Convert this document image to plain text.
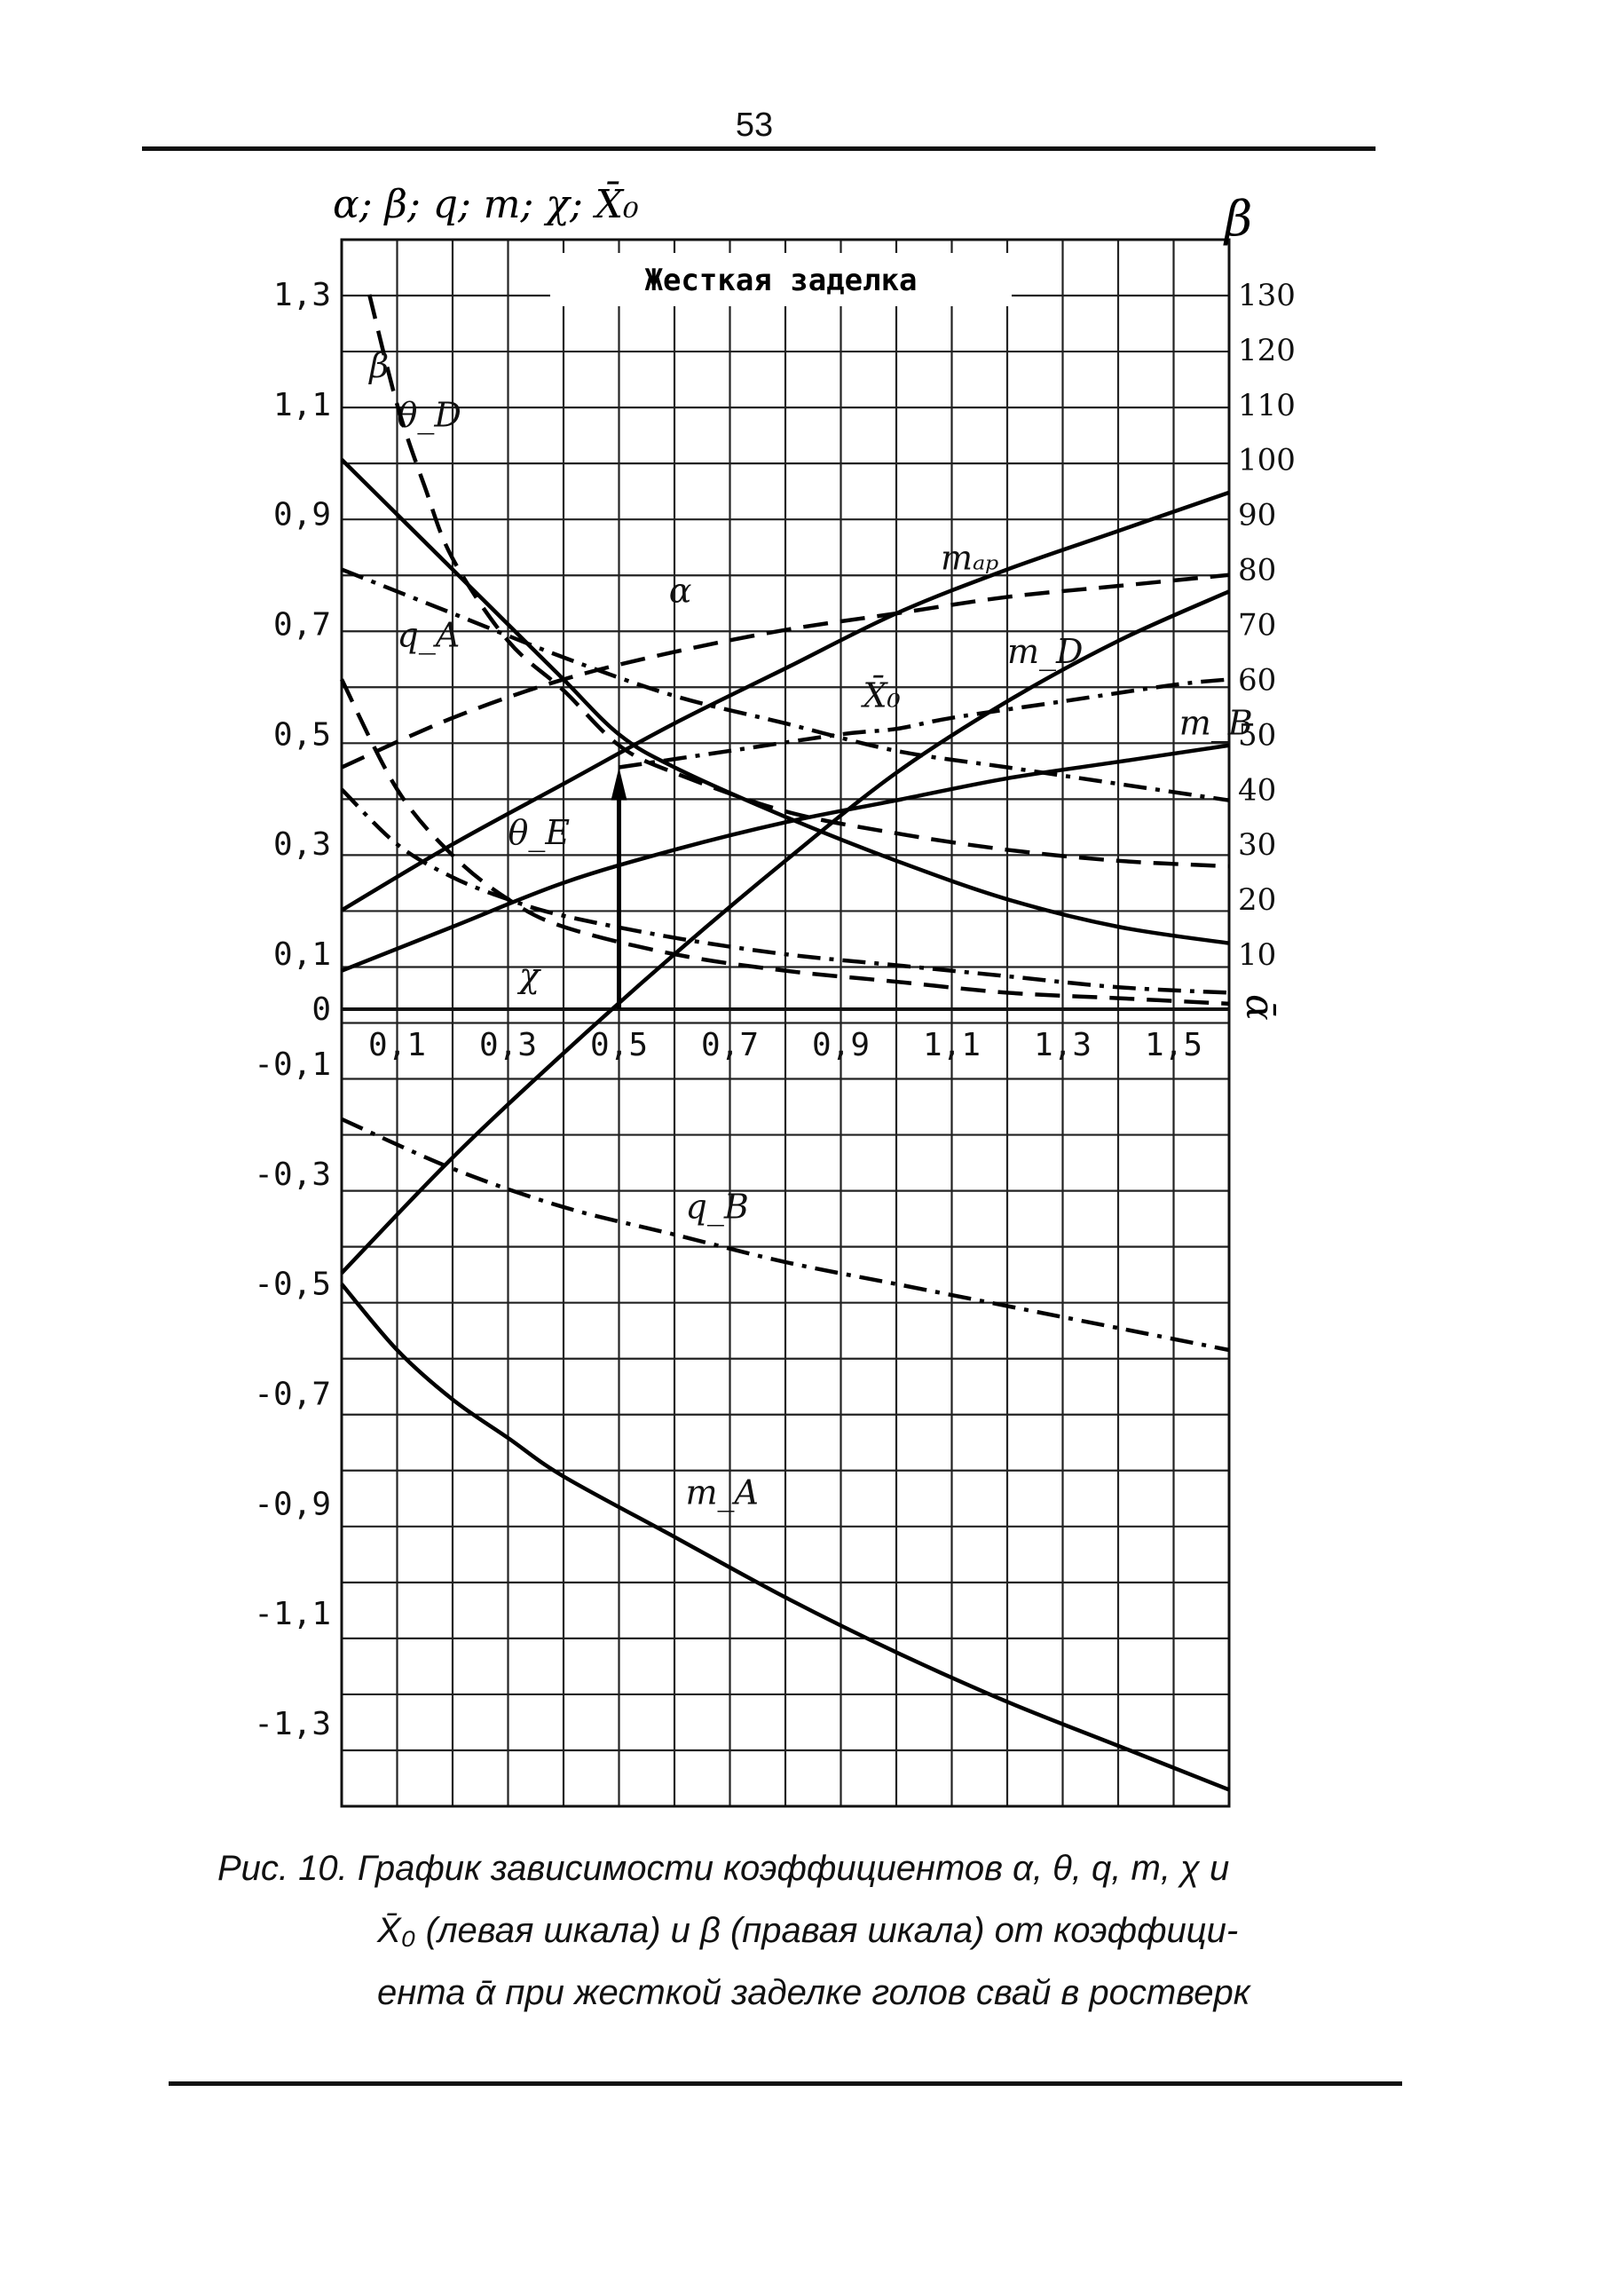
53
mₐₚ
m_D
m_B
m_A
θ_D
θ_E
α
β
q_A
X̄₀
χ
q_B
0,1 0,3 0,5 0,7 0,9 1,1 1,3 1,5
1,3
1,1
0,9
0,7
0,5
0,3
0,1
0
-0,1
-0,3
-0,5
-0,7
-0,9
-1,1
-1,3
130
120
110
100
90
80
70
60
50
40
30
20
10
Жесткая заделка
α; β; q; m; χ; X̄₀	β
ᾱ
Рис. 10. График зависимости коэффициентов α, θ, q, m, χ и
X̄₀ (левая шкала) и β (правая шкала) от коэффици-
ента ᾱ при жесткой заделке голов свай в ростверк
